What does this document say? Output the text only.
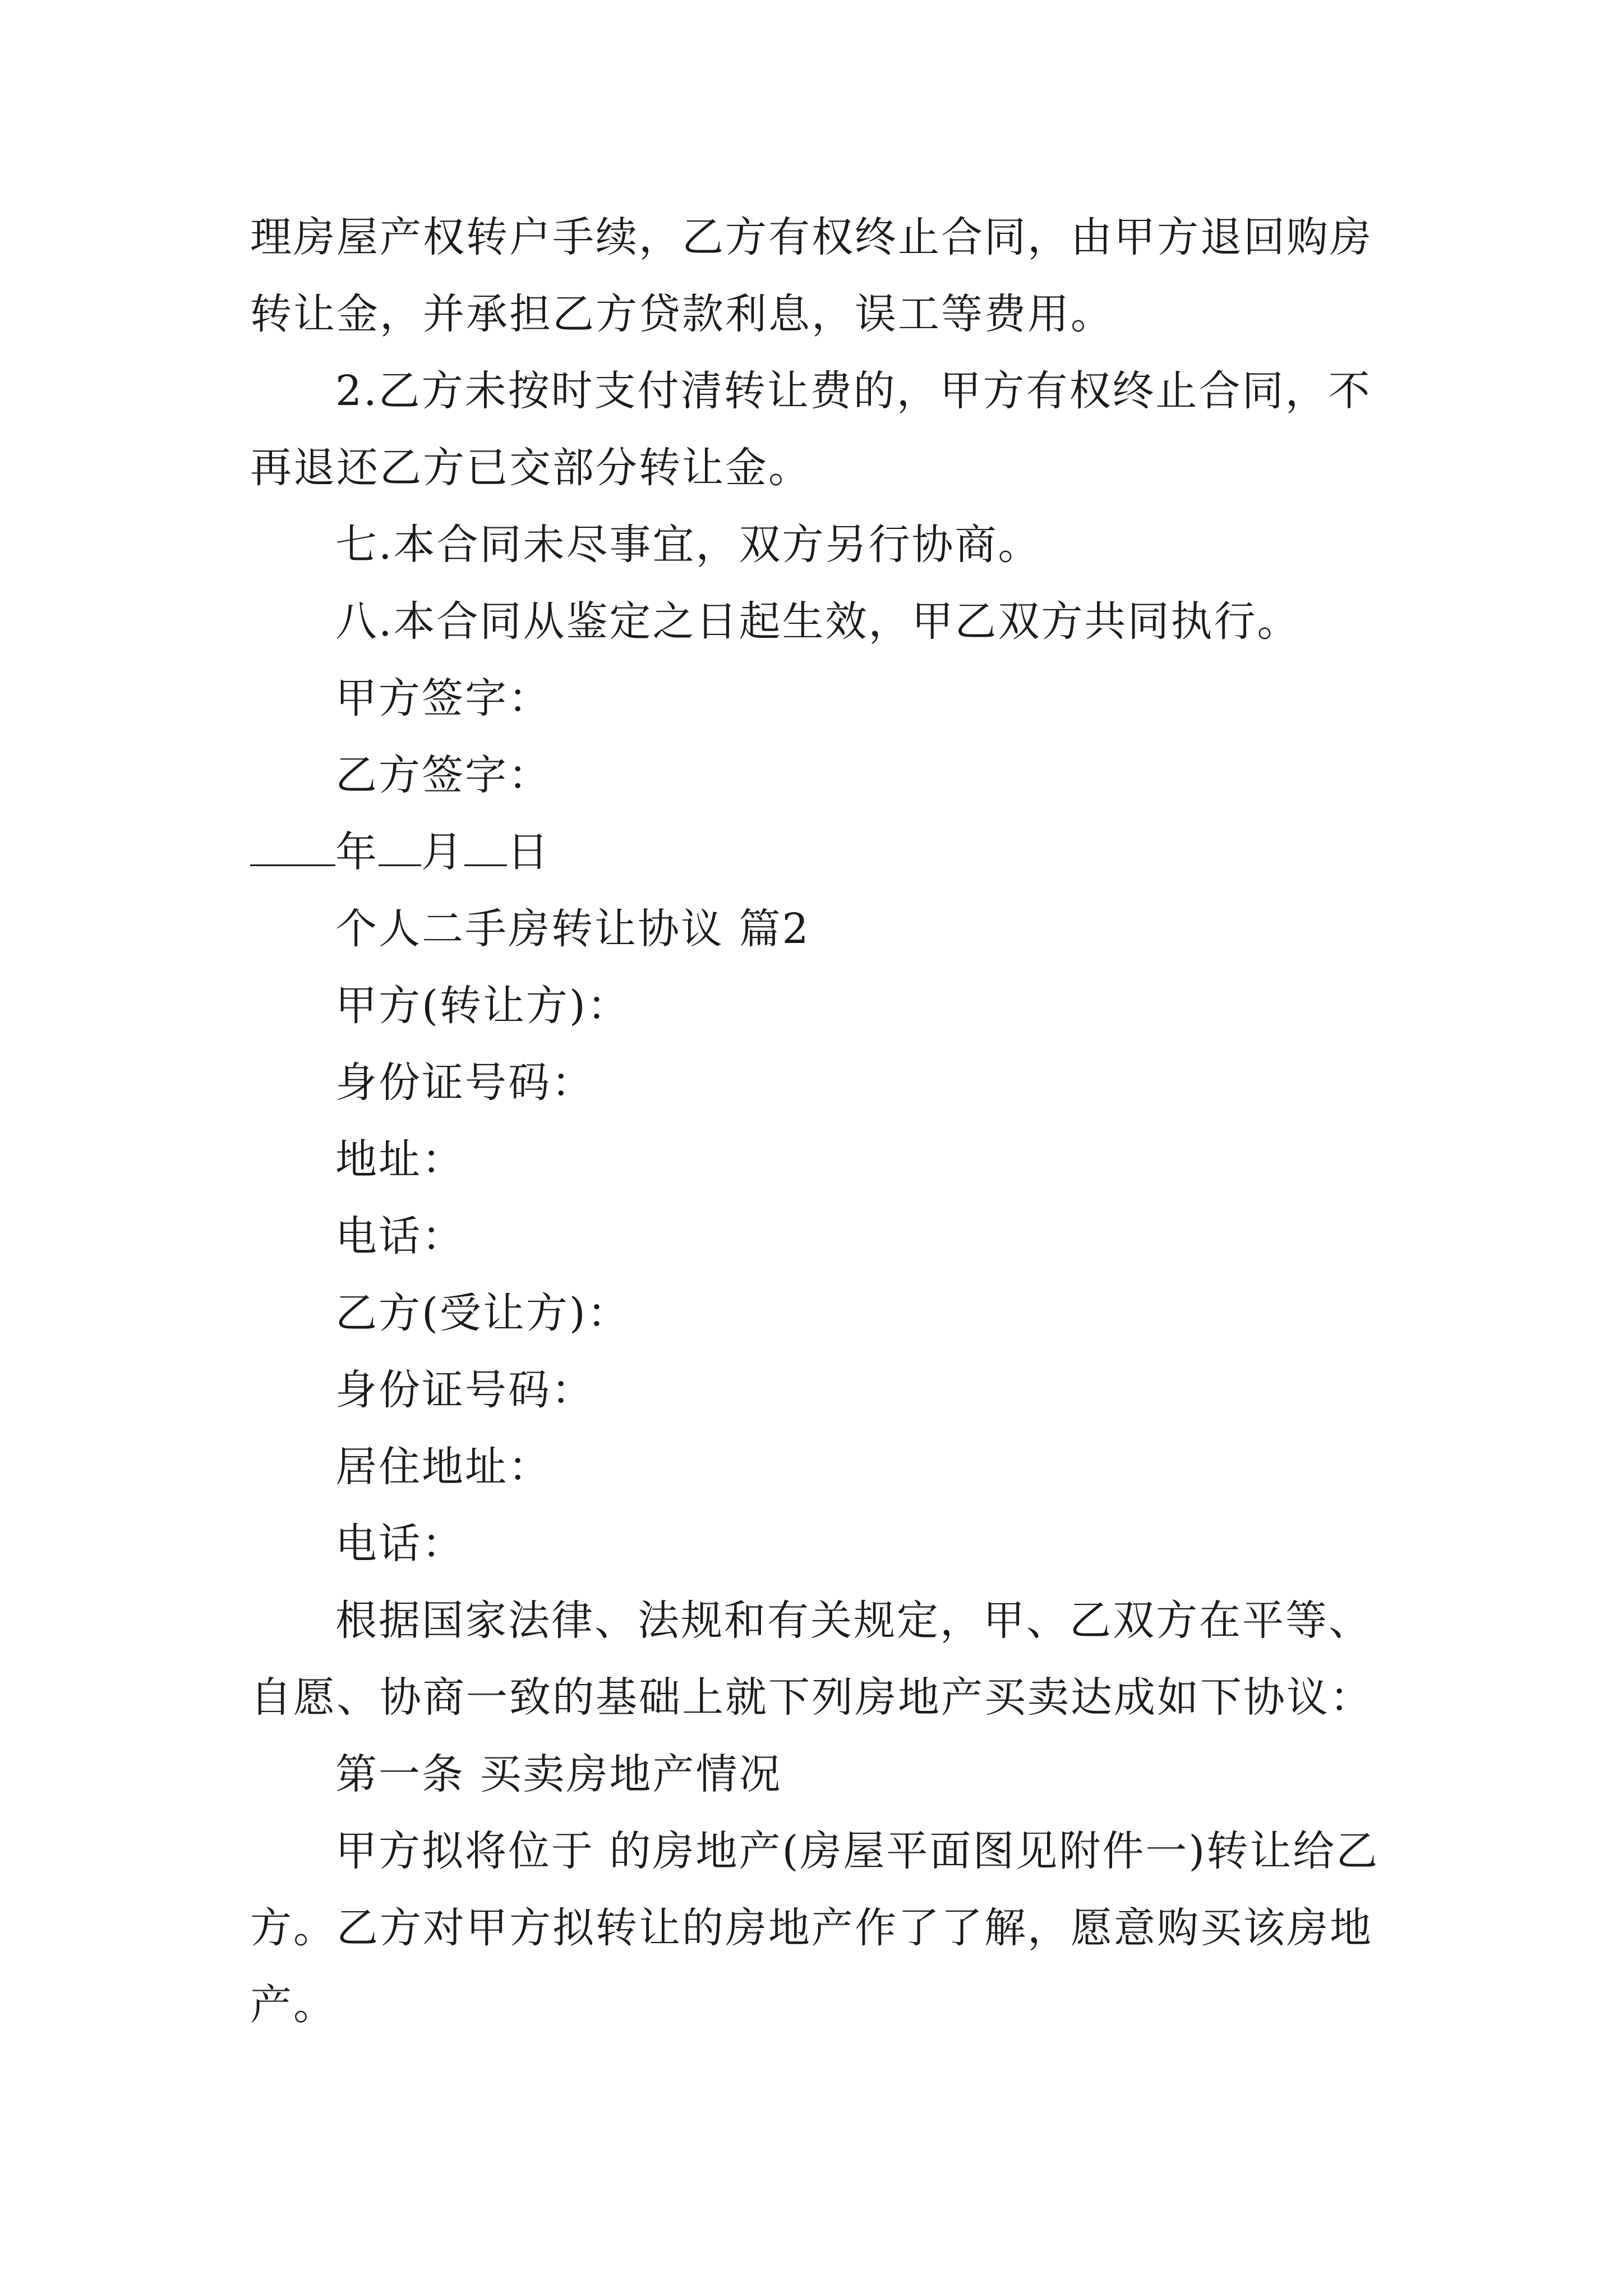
理房屋产权转户手续，乙方有权终止合同，由甲方退回购房转让金，并承担乙方贷款利息，误工等费用。

2.乙方未按时支付清转让费的，甲方有权终止合同，不再退还乙方已交部分转让金。

七.本合同未尽事宜，双方另行协商。

八.本合同从鉴定之日起生效，甲乙双方共同执行。

甲方签字：

乙方签字：

年 月 日

个人二手房转让协议 篇2

甲方(转让方)：

身份证号码：

地址：

电话：

乙方(受让方)：

身份证号码：

居住地址：

电话：

根据国家法律、法规和有关规定，甲、乙双方在平等、自愿、协商一致的基础上就下列房地产买卖达成如下协议：

第一条 买卖房地产情况

甲方拟将位于 的房地产(房屋平面图见附件一)转让给乙方。乙方对甲方拟转让的房地产作了了解，愿意购买该房地产。
